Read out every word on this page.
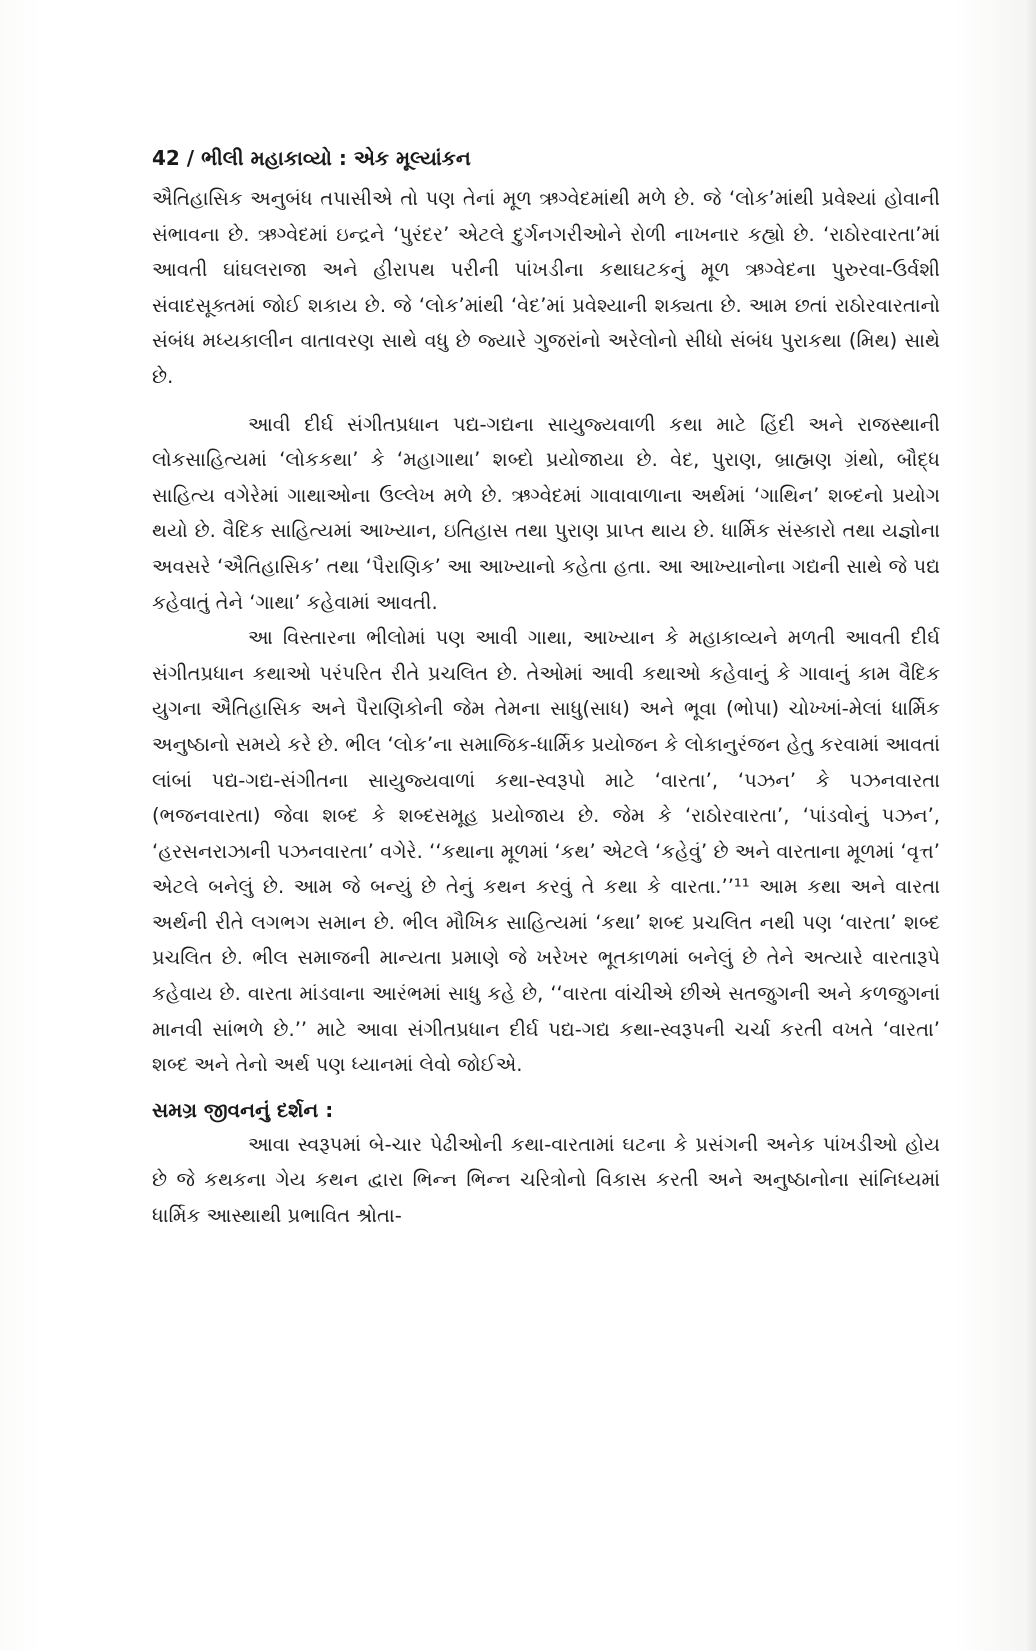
42 / ભીલી મહાકાવ્યો : એક મૂલ્યાંકન

ઐતિહાસિક અનુબંધ તપાસીએ તો પણ તેનાં મૂળ ઋગ્વેદમાંથી મળે છે. જે ‘લોક’માંથી પ્રવેશ્યાં હોવાની સંભાવના છે. ઋગ્વેદમાં ઇન્દ્રને ‘પુરંદર’ એટલે દુર્ગનગરીઓને રોળી નાખનાર કહ્યો છે. ‘રાઠોરવારતા’માં આવતી ઘાંઘલરાજા અને હીરાપથ પરીની પાંખડીના કથાઘટકનું મૂળ ઋગ્વેદના પુરુરવા-ઉર્વશી સંવાદસૂક્તમાં જોઈ શકાય છે. જે ‘લોક’માંથી ‘વેદ’માં પ્રવેશ્યાની શક્યતા છે. આમ છતાં રાઠોરવારતાનો સંબંધ મધ્યકાલીન વાતાવરણ સાથે વધુ છે જ્યારે ગુજરાંનો અરેલોનો સીધો સંબંધ પુરાકથા (મિથ) સાથે છે.

આવી દીર્ઘ સંગીતપ્રધાન પદ્ય-ગદ્યના સાયુજ્યવાળી કથા માટે હિંદી અને રાજસ્થાની લોકસાહિત્યમાં ‘લોકકથા’ કે ‘મહાગાથા’ શબ્દો પ્રયોજાયા છે. વેદ, પુરાણ, બ્રાહ્મણ ગ્રંથો, બૌદ્ધ સાહિત્ય વગેરેમાં ગાથાઓના ઉલ્લેખ મળે છે. ઋગ્વેદમાં ગાવાવાળાના અર્થમાં ‘ગાથિન’ શબ્દનો પ્રયોગ થયો છે. વૈદિક સાહિત્યમાં આખ્યાન, ઇતિહાસ તથા પુરાણ પ્રાપ્ત થાય છે. ધાર્મિક સંસ્કારો તથા યજ્ઞોના અવસરે ‘ઐતિહાસિક’ તથા ‘પૈરાણિક’ આ આખ્યાનો કહેતા હતા. આ આખ્યાનોના ગદ્યની સાથે જે પદ્ય કહેવાતું તેને ‘ગાથા’ કહેવામાં આવતી.

આ વિસ્તારના ભીલોમાં પણ આવી ગાથા, આખ્યાન કે મહાકાવ્યને મળતી આવતી દીર્ઘ સંગીતપ્રધાન કથાઓ પરંપરિત રીતે પ્રચલિત છે. તેઓમાં આવી કથાઓ કહેવાનું કે ગાવાનું કામ વૈદિક યુગના ઐતિહાસિક અને પૈરાણિકોની જેમ તેમના સાધુ(સાધ) અને ભૂવા (ભોપા) ચોખ્ખાં-મેલાં ધાર્મિક અનુષ્ઠાનો સમયે કરે છે. ભીલ ‘લોક’ના સમાજિક-ધાર્મિક પ્રયોજન કે લોકાનુરંજન હેતુ કરવામાં આવતાં લાંબાં પદ્ય-ગદ્ય-સંગીતના સાયુજ્યવાળાં કથા-સ્વરૂપો માટે ‘વારતા’, ‘પઝન’ કે પઝનવારતા (ભજનવારતા) જેવા શબ્દ કે શબ્દસમૂહ પ્રયોજાય છે. જેમ કે ‘રાઠોરવારતા’, ‘પાંડવોનું પઝન’, ‘હરસનરાઝાની પઝનવારતા’ વગેરે. ‘‘કથાના મૂળમાં ‘કથ’ એટલે ‘કહેવું’ છે અને વારતાના મૂળમાં ‘વૃત્ત’ એટલે બનેલું છે. આમ જે બન્યું છે તેનું કથન કરવું તે કથા કે વારતા.’’¹¹ આમ કથા અને વારતા અર્થની રીતે લગભગ સમાન છે. ભીલ મૌખિક સાહિત્યમાં ‘કથા’ શબ્દ પ્રચલિત નથી પણ ‘વારતા’ શબ્દ પ્રચલિત છે. ભીલ સમાજની માન્યતા પ્રમાણે જે ખરેખર ભૂતકાળમાં બનેલું છે તેને અત્યારે વારતારૂપે કહેવાય છે. વારતા માંડવાના આરંભમાં સાધુ કહે છે, ‘‘વારતા વાંચીએ છીએ સતજુગની અને કળજુગનાં માનવી સાંભળે છે.’’ માટે આવા સંગીતપ્રધાન દીર્ઘ પદ્ય-ગદ્ય કથા-સ્વરૂપની ચર્ચા કરતી વખતે ‘વારતા’ શબ્દ અને તેનો અર્થ પણ ધ્યાનમાં લેવો જોઈએ.

સમગ્ર જીવનનું દર્શન :

આવા સ્વરૂપમાં બે-ચાર પેઢીઓની કથા-વારતામાં ઘટના કે પ્રસંગની અનેક પાંખડીઓ હોય છે જે કથકના ગેય કથન દ્વારા ભિન્ન ભિન્ન ચરિત્રોનો વિકાસ કરતી અને અનુષ્ઠાનોના સાંનિધ્યમાં ધાર્મિક આસ્થાથી પ્રભાવિત શ્રોતા-
